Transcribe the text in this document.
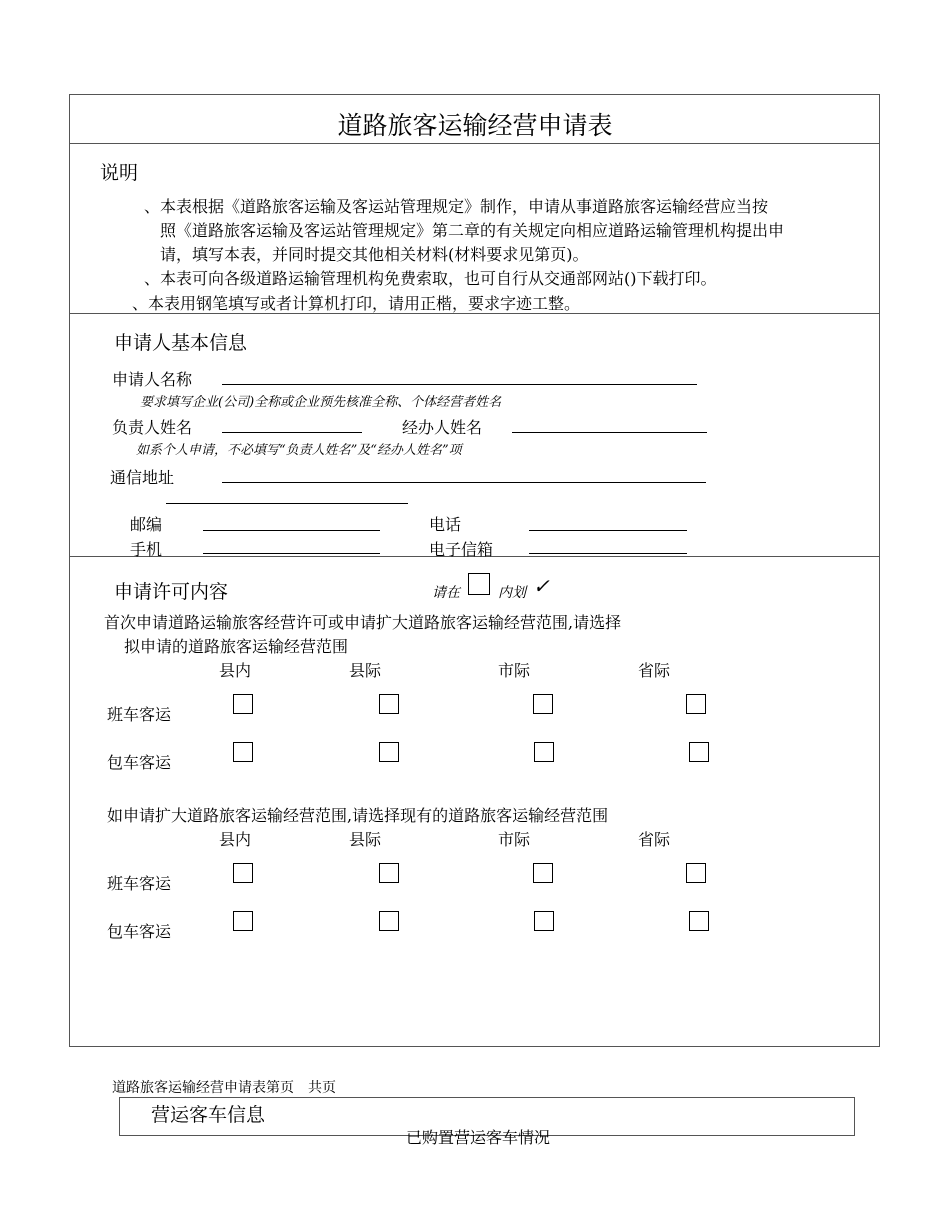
道路旅客运输经营申请表
说明
、本表根据《道路旅客运输及客运站管理规定》制作，申请从事道路旅客运输经营应当按
照《道路旅客运输及客运站管理规定》第二章的有关规定向相应道路运输管理机构提出申
请，填写本表，并同时提交其他相关材料(材料要求见第页)。
、本表可向各级道路运输管理机构免费索取，也可自行从交通部网站()下载打印。
、本表用钢笔填写或者计算机打印，请用正楷，要求字迹工整。
申请人基本信息
申请人名称
要求填写企业(公司)全称或企业预先核准全称、个体经营者姓名
负责人姓名	经办人姓名
如系个人申请，不必填写“负责人姓名”及“经办人姓名”项
通信地址
邮编	电话
手机	电子信箱
申请许可内容	请在	内划 ✓
首次申请道路运输旅客经营许可或申请扩大道路旅客运输经营范围,请选择
拟申请的道路旅客运输经营范围
县内	县际	市际	省际
班车客运
包车客运
如申请扩大道路旅客运输经营范围,请选择现有的道路旅客运输经营范围
县内	县际	市际	省际
班车客运
包车客运
道路旅客运输经营申请表第页　共页
营运客车信息
已购置营运客车情况
